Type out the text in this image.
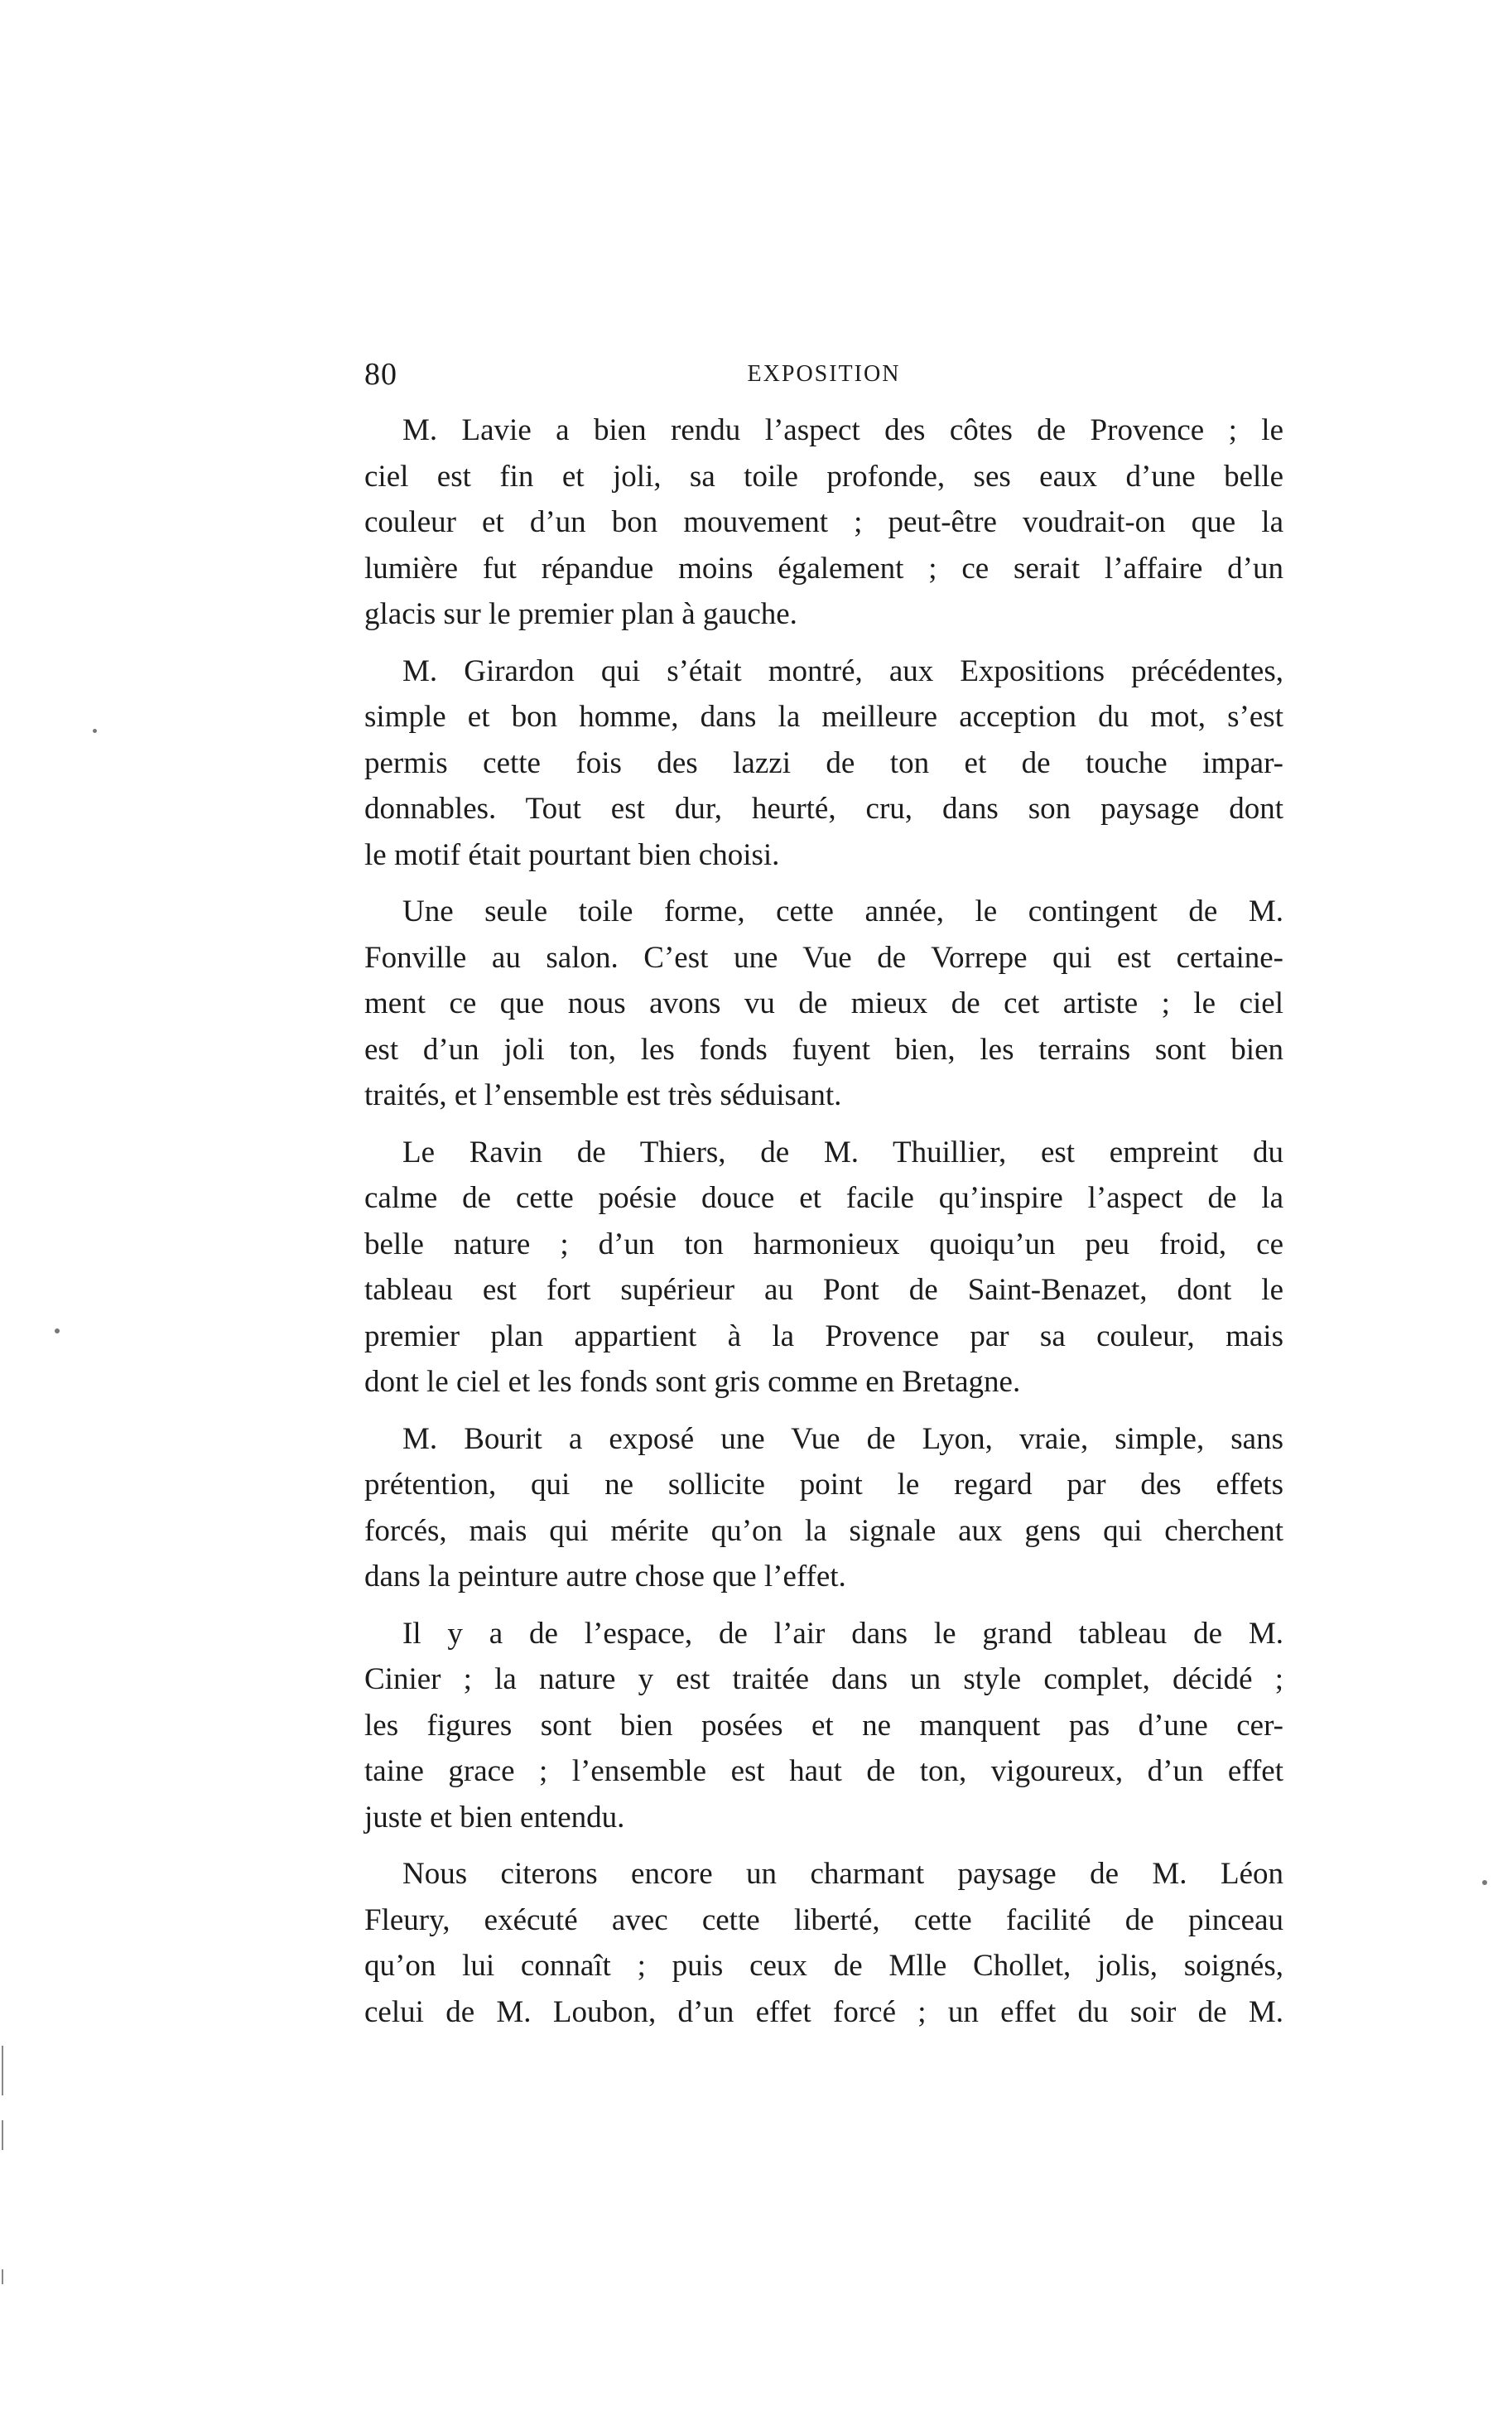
80	EXPOSITION

M. Lavie a bien rendu l’aspect des côtes de Provence ; le
ciel est fin et joli, sa toile profonde, ses eaux d’une belle
couleur et d’un bon mouvement ; peut-être voudrait-on que la
lumière fut répandue moins également ; ce serait l’affaire d’un
glacis sur le premier plan à gauche.

M. Girardon qui s’était montré, aux Expositions précédentes,
simple et bon homme, dans la meilleure acception du mot, s’est
permis cette fois des lazzi de ton et de touche impar-
donnables. Tout est dur, heurté, cru, dans son paysage dont
le motif était pourtant bien choisi.

Une seule toile forme, cette année, le contingent de M.
Fonville au salon. C’est une Vue de Vorrepe qui est certaine-
ment ce que nous avons vu de mieux de cet artiste ; le ciel
est d’un joli ton, les fonds fuyent bien, les terrains sont bien
traités, et l’ensemble est très séduisant.

Le Ravin de Thiers, de M. Thuillier, est empreint du
calme de cette poésie douce et facile qu’inspire l’aspect de la
belle nature ; d’un ton harmonieux quoiqu’un peu froid, ce
tableau est fort supérieur au Pont de Saint-Benazet, dont le
premier plan appartient à la Provence par sa couleur, mais
dont le ciel et les fonds sont gris comme en Bretagne.

M. Bourit a exposé une Vue de Lyon, vraie, simple, sans
prétention, qui ne sollicite point le regard par des effets
forcés, mais qui mérite qu’on la signale aux gens qui cherchent
dans la peinture autre chose que l’effet.

Il y a de l’espace, de l’air dans le grand tableau de M.
Cinier ; la nature y est traitée dans un style complet, décidé ;
les figures sont bien posées et ne manquent pas d’une cer-
taine grace ; l’ensemble est haut de ton, vigoureux, d’un effet
juste et bien entendu.

Nous citerons encore un charmant paysage de M. Léon
Fleury, exécuté avec cette liberté, cette facilité de pinceau
qu’on lui connaît ; puis ceux de Mlle Chollet, jolis, soignés,
celui de M. Loubon, d’un effet forcé ; un effet du soir de M.
